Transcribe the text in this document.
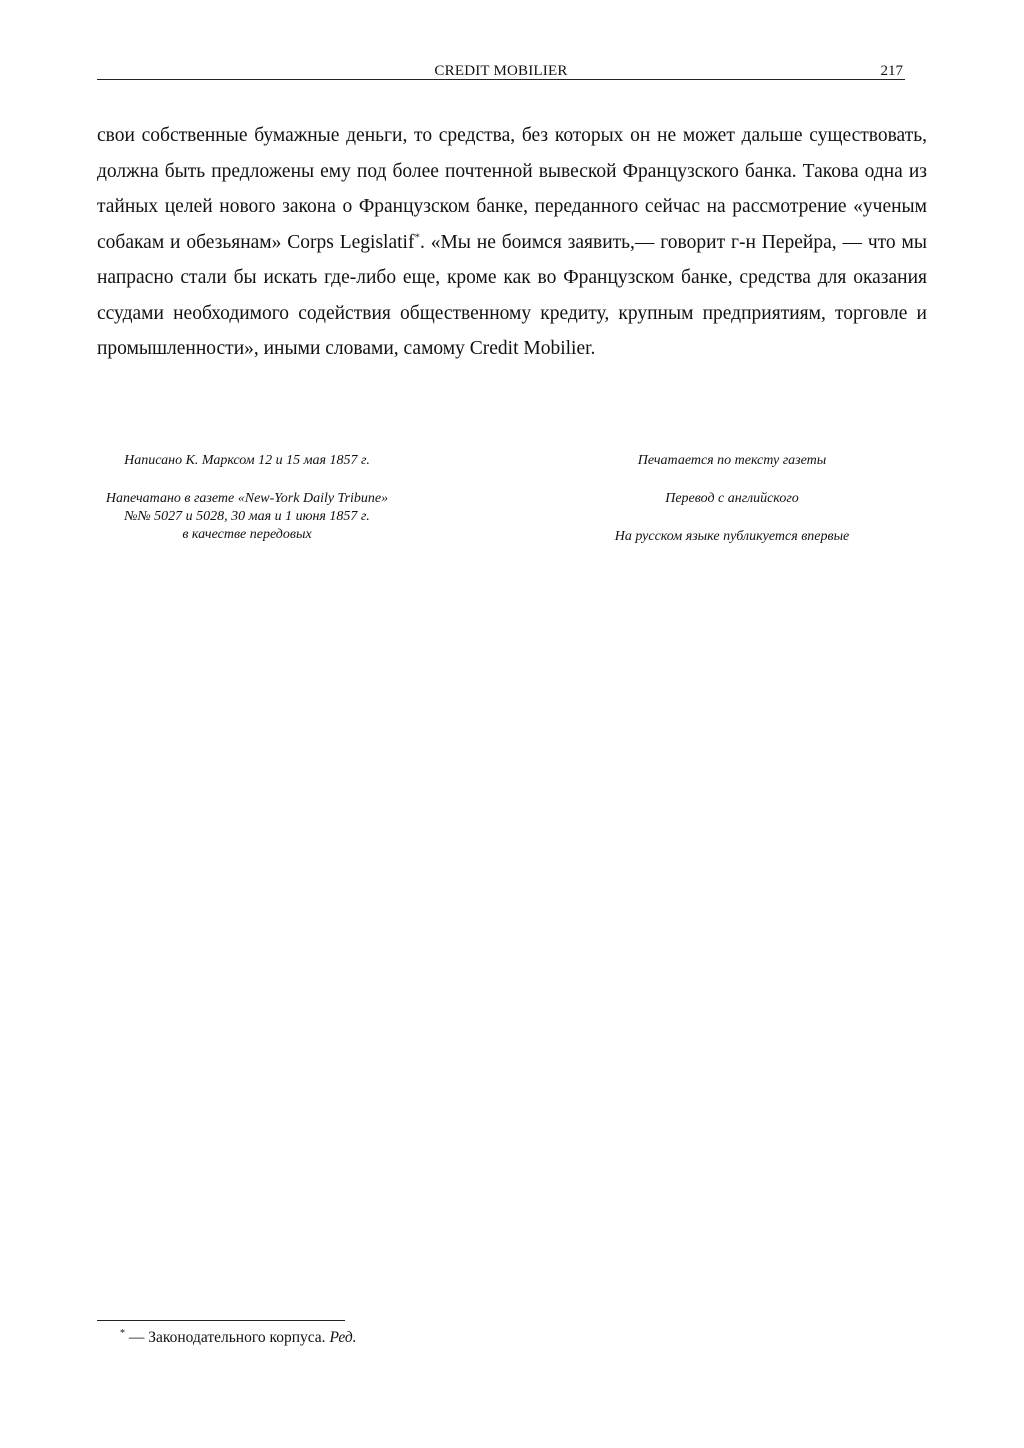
CREDIT MOBILIER	217

свои собственные бумажные деньги, то средства, без которых он не может дальше существовать, должна быть предложены ему под более почтенной вывеской Французского банка. Такова одна из тайных целей нового закона о Французском банке, переданного сейчас на рассмотрение «ученым собакам и обезьянам» Corps Legislatif*. «Мы не боимся заявить,— говорит г-н Перейра, — что мы напрасно стали бы искать где-либо еще, кроме как во Французском банке, средства для оказания ссудами необходимого содействия общественному кредиту, крупным предприятиям, торговле и промышленности», иными словами, самому Credit Mobilier.

Написано К. Марксом 12 и 15 мая 1857 г.

Напечатано в газете «New-York Daily Tribune»
№№ 5027 и 5028, 30 мая и 1 июня 1857 г.
в качестве передовых

Печатается по тексту газеты

Перевод с английского

На русском языке публикуется впервые

* — Законодательного корпуса. Ред.
